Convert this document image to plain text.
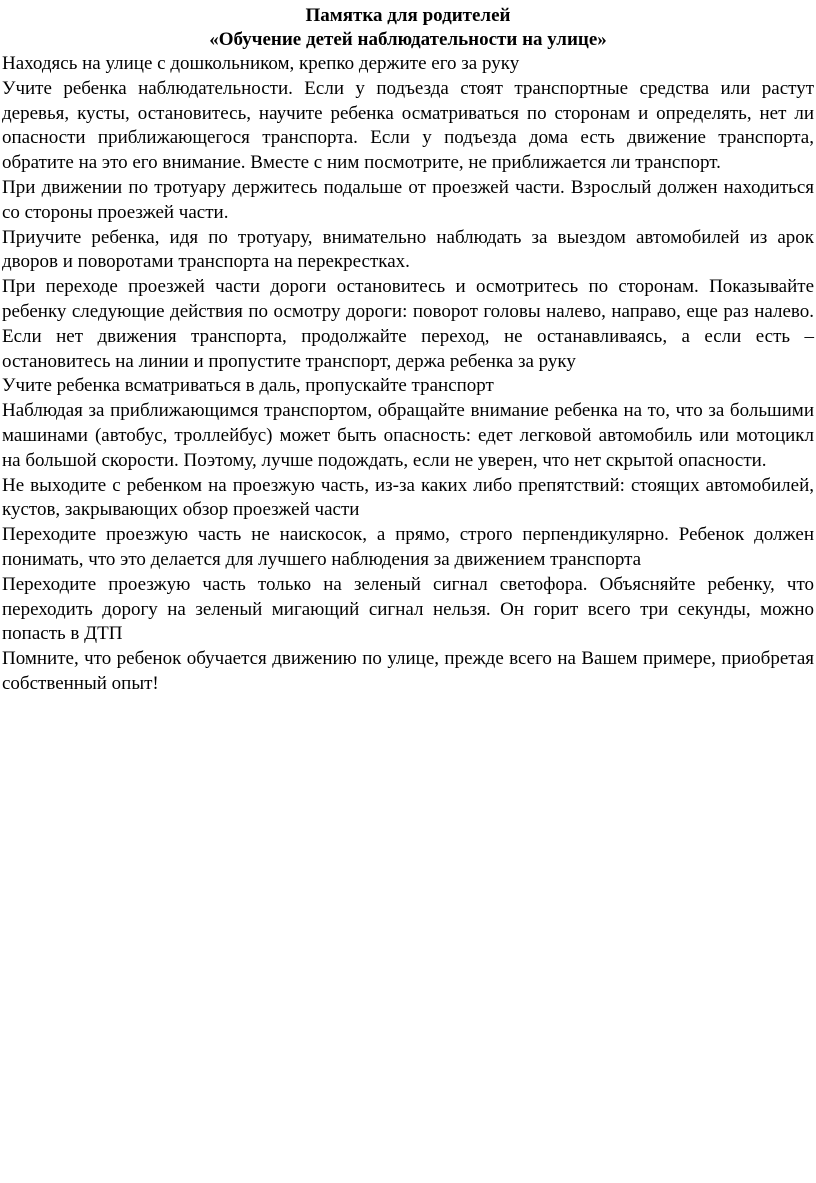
Памятка для родителей
«Обучение детей наблюдательности на улице»

Находясь на улице с дошкольником, крепко держите его за руку

Учите ребенка наблюдательности. Если у подъезда стоят транспортные средства или растут деревья, кусты, остановитесь, научите ребенка осматриваться по сторонам и определять, нет ли опасности приближающегося транспорта. Если у подъезда дома есть движение транспорта, обратите на это его внимание. Вместе с ним посмотрите, не приближается ли транспорт.

При движении по тротуару держитесь подальше от проезжей части. Взрослый должен находиться со стороны проезжей части.

Приучите ребенка, идя по тротуару, внимательно наблюдать за выездом автомобилей из арок дворов и поворотами транспорта на перекрестках.

При переходе проезжей части дороги остановитесь и осмотритесь по сторонам. Показывайте ребенку следующие действия по осмотру дороги: поворот головы налево, направо, еще раз налево. Если нет движения транспорта, продолжайте переход, не останавливаясь, а если есть – остановитесь на линии и пропустите транспорт, держа ребенка за руку

Учите ребенка всматриваться в даль, пропускайте транспорт

Наблюдая за приближающимся транспортом, обращайте внимание ребенка на то, что за большими машинами (автобус, троллейбус) может быть опасность: едет легковой автомобиль или мотоцикл на большой скорости. Поэтому, лучше подождать, если не уверен, что нет скрытой опасности.

Не выходите с ребенком на проезжую часть, из-за каких либо препятствий: стоящих автомобилей, кустов, закрывающих обзор проезжей части

Переходите проезжую часть не наискосок, а прямо, строго перпендикулярно. Ребенок должен понимать, что это делается для лучшего наблюдения за движением транспорта

Переходите проезжую часть только на зеленый сигнал светофора. Объясняйте ребенку, что переходить дорогу на зеленый мигающий сигнал нельзя. Он горит всего три секунды, можно попасть в ДТП

Помните, что ребенок обучается движению по улице, прежде всего на Вашем примере, приобретая собственный опыт!
